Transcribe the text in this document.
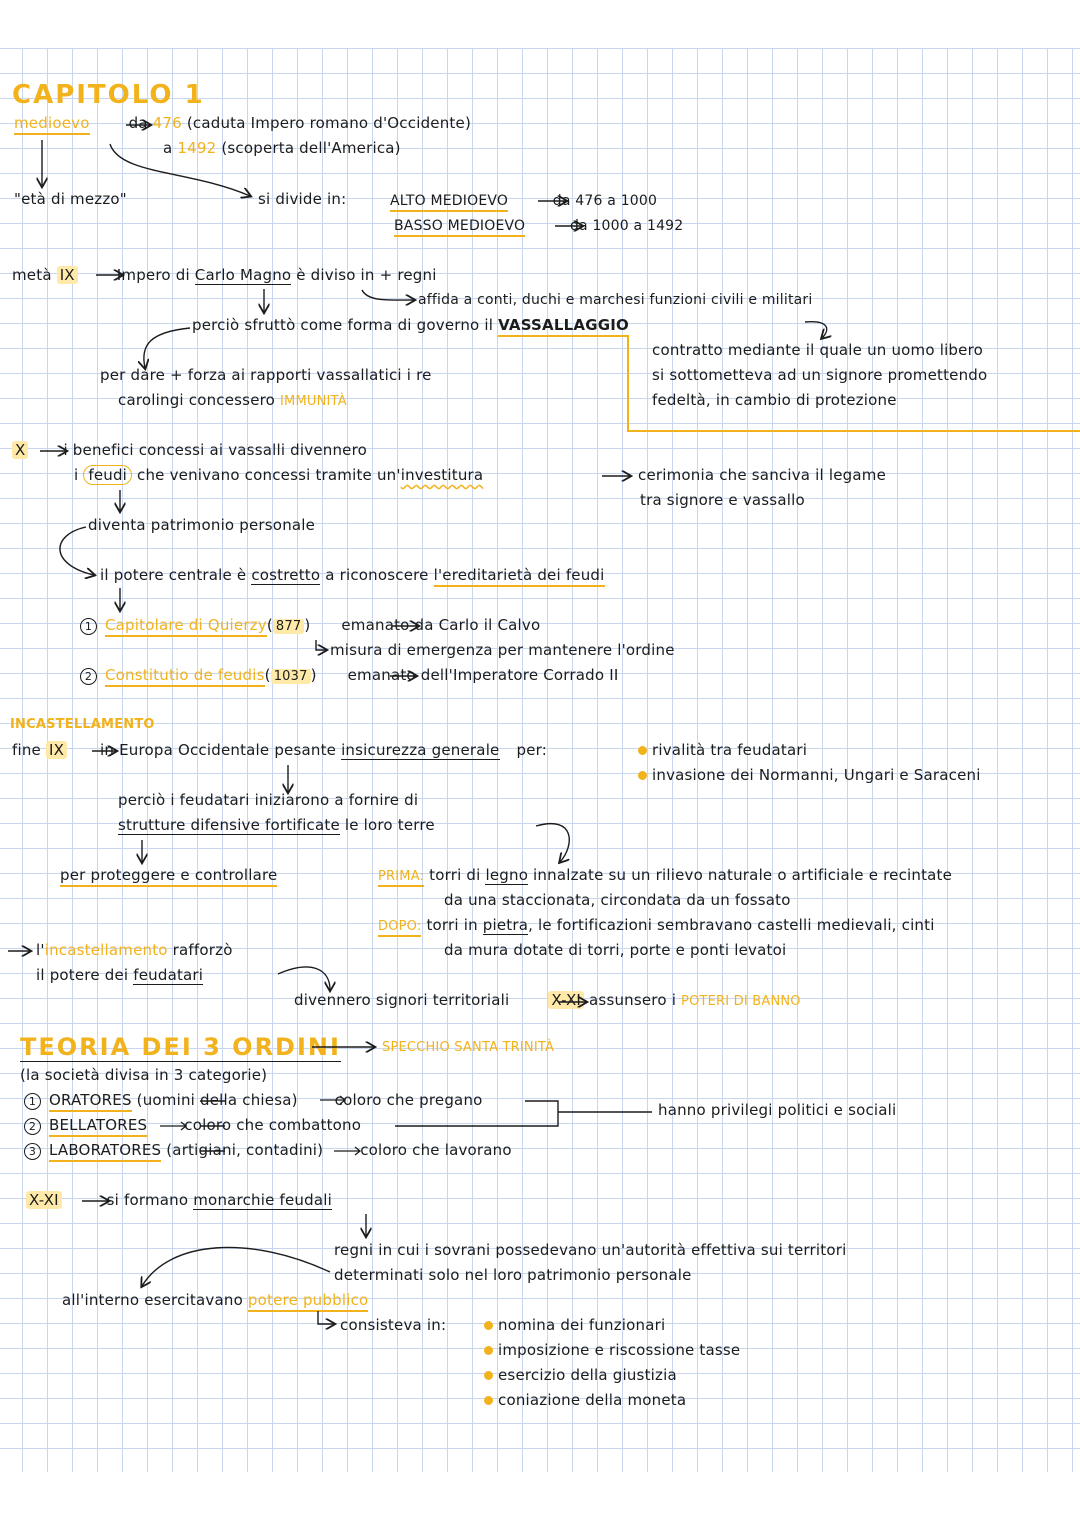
CAPITOLO 1
medioevo	da 476 (caduta Impero romano d'Occidente)
a 1492 (scoperta dell'America)
"età di mezzo"	si divide in:	ALTO MEDIOEVO	da 476 a 1000
BASSO MEDIOEVO	da 1000 a 1492
metà IX	Impero di Carlo Magno è diviso in + regni
affida a conti, duchi e marchesi funzioni civili e militari
perciò sfruttò come forma di governo il VASSALLAGGIO
contratto mediante il quale un uomo libero
si sottometteva ad un signore promettendo
fedeltà, in cambio di protezione
per dare + forza ai rapporti vassallatici i re
carolingi concessero IMMUNITÀ
X	i benefici concessi ai vassalli divennero
i feudi che venivano concessi tramite un'investitura	cerimonia che sanciva il legame
tra signore e vassallo
diventa patrimonio personale
il potere centrale è costretto a riconoscere l'ereditarietà dei feudi
1 Capitolare di Quierzy( 877 ) emanato da Carlo il Calvo
misura di emergenza per mantenere l'ordine
2 Constitutio de feudis( 1037 ) emanato dell'Imperatore Corrado II
INCASTELLAMENTO
fine IX in Europa Occidentale pesante insicurezza generale per:	rivalità tra feudatari
invasione dei Normanni, Ungari e Saraceni
perciò i feudatari iniziarono a fornire di
strutture difensive fortificate le loro terre
per proteggere e controllare	PRIMA: torri di legno innalzate su un rilievo naturale o artificiale e recintate
da una staccionata, circondata da un fossato
DOPO: torri in pietra, le fortificazioni sembravano castelli medievali, cinti
da mura dotate di torri, porte e ponti levatoi
l'incastellamento rafforzò
il potere dei feudatari
divennero signori territoriali	X-XI assunsero i POTERI DI BANNO
TEORIA DEI 3 ORDINI	SPECCHIO SANTA TRINITÀ
(la società divisa in 3 categorie)
1 ORATORES (uomini della chiesa) coloro che pregano
2 BELLATORES coloro che combattono
3 LABORATORES (artigiani, contadini) coloro che lavorano
hanno privilegi politici e sociali
X-XI	si formano monarchie feudali
regni in cui i sovrani possedevano un'autorità effettiva sui territori
determinati solo nel loro patrimonio personale
all'interno esercitavano potere pubblico
consisteva in:	nomina dei funzionari
imposizione e riscossione tasse
esercizio della giustizia
coniazione della moneta
